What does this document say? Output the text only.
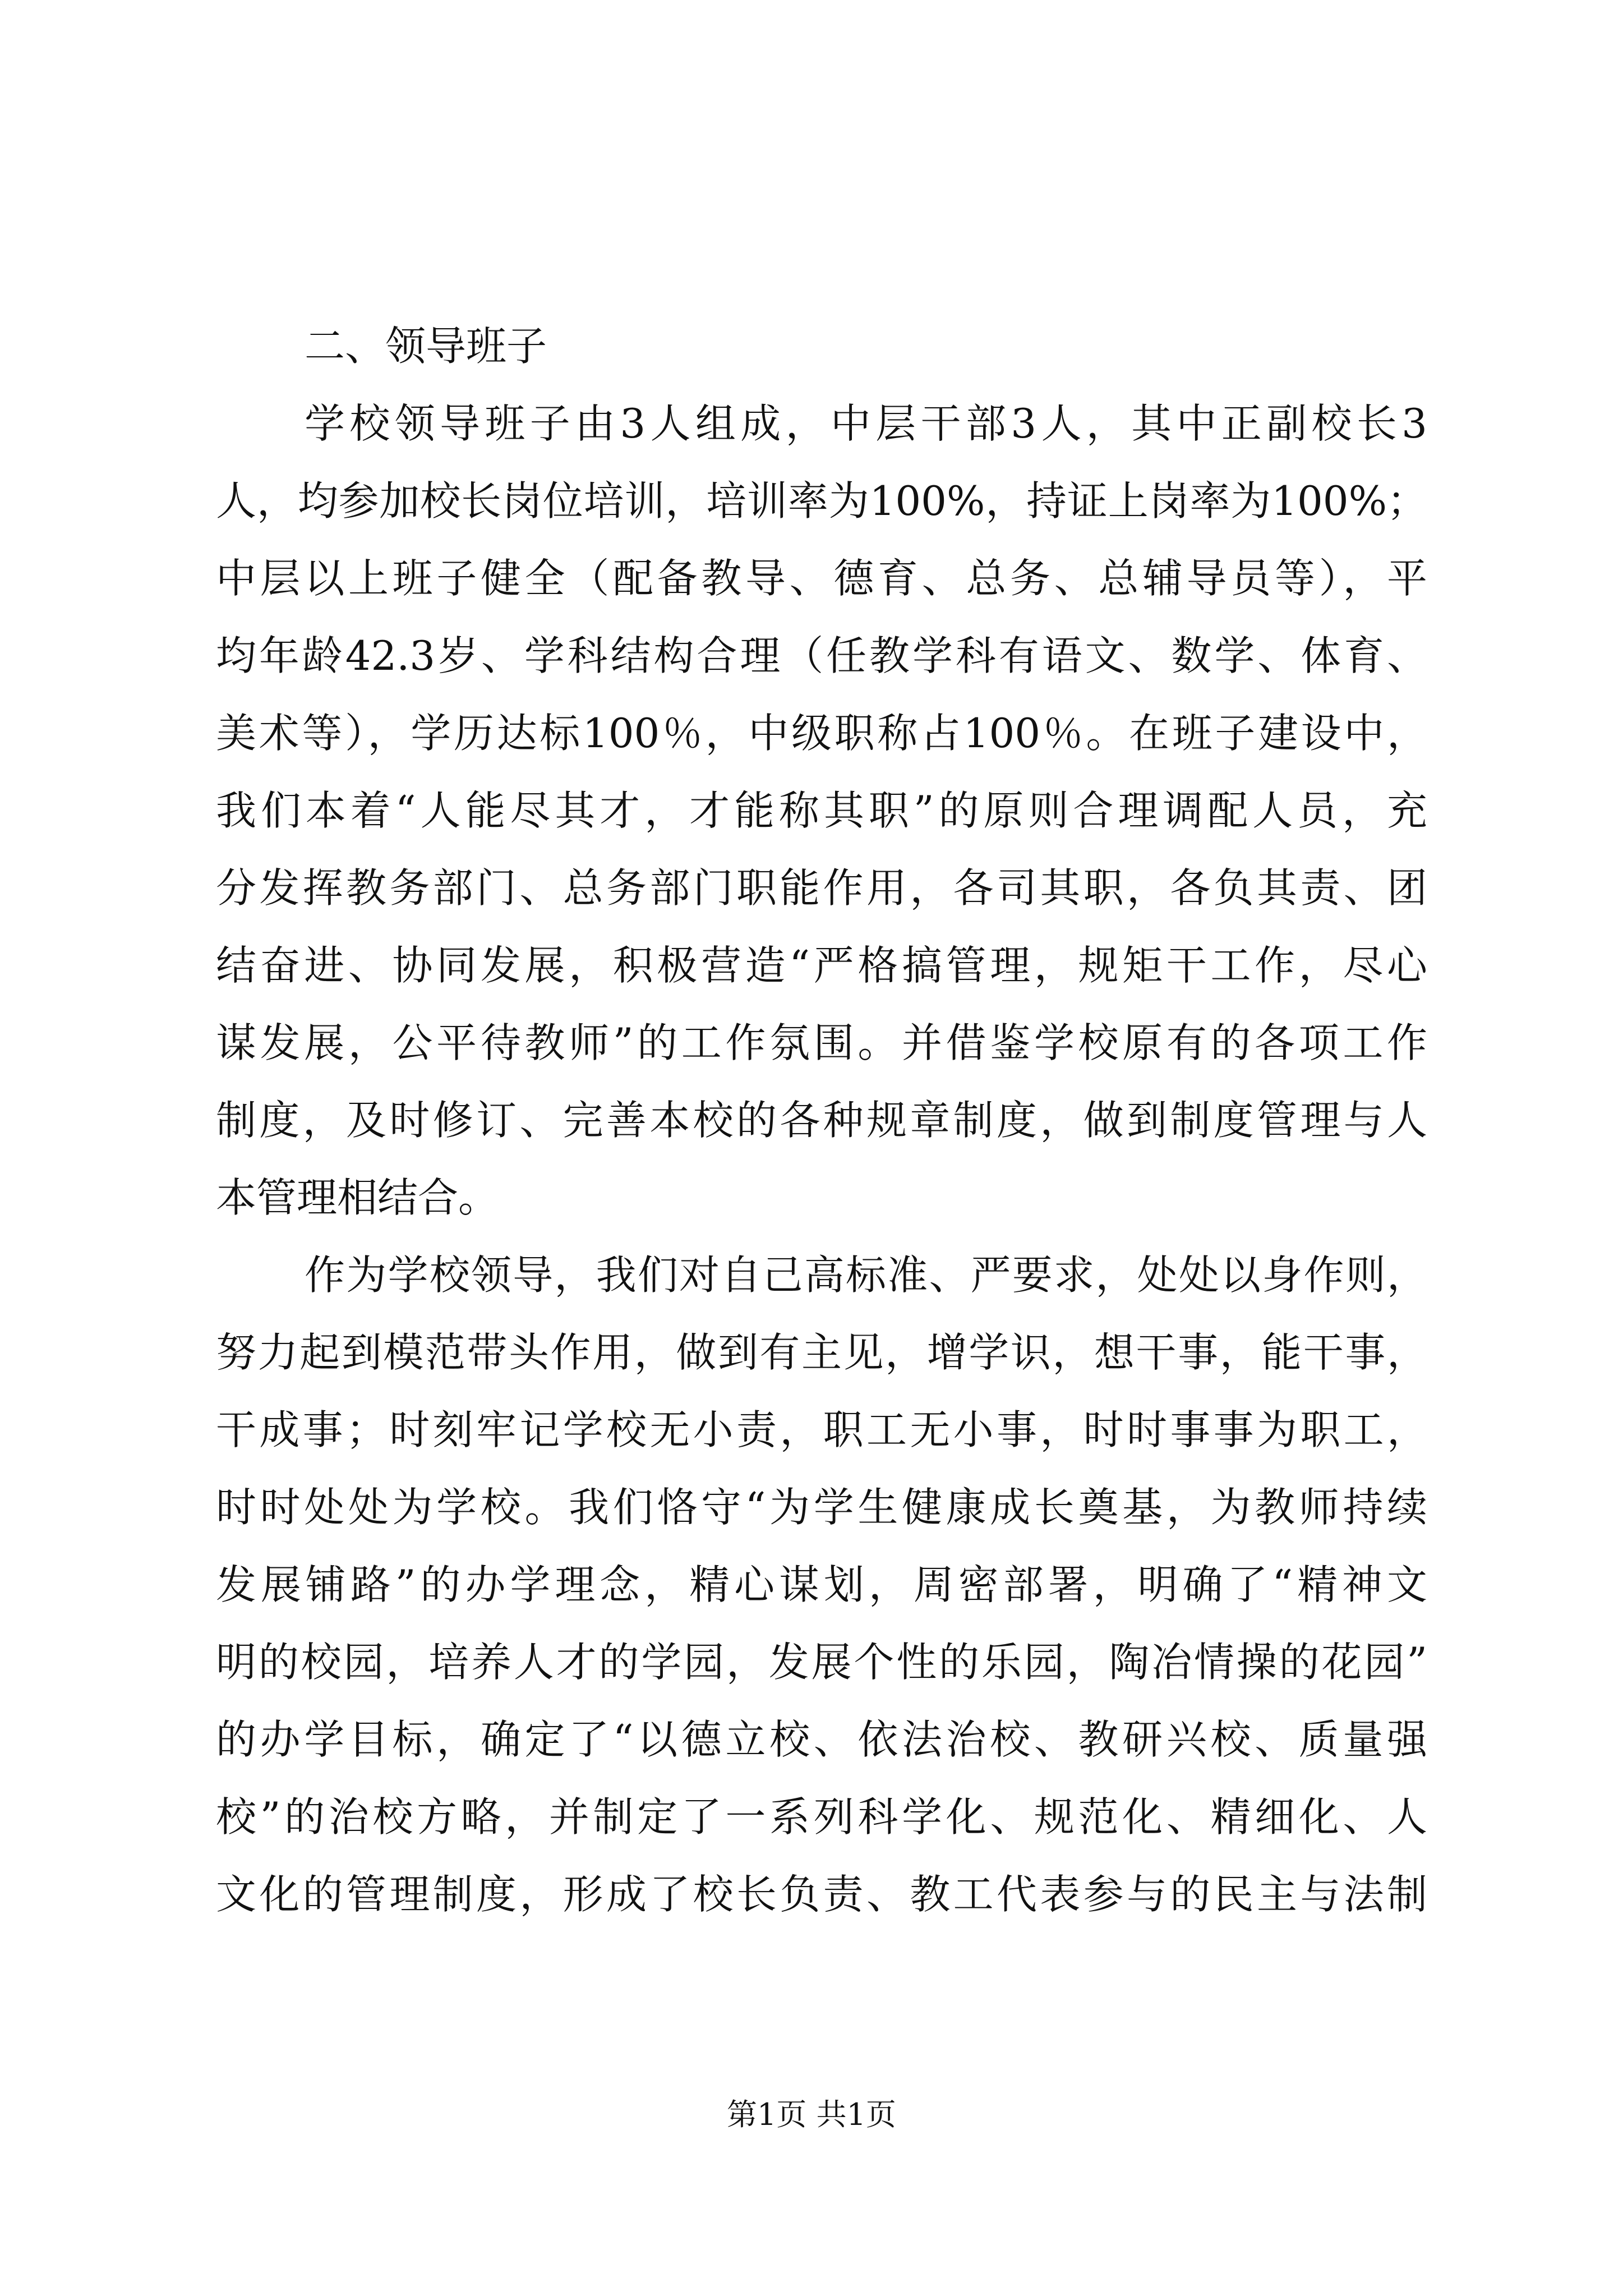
二、领导班子

学校领导班子由3人组成，中层干部3人，其中正副校长3

人，均参加校长岗位培训，培训率为100%，持证上岗率为100%；

中层以上班子健全（配备教导、德育、总务、总辅导员等），平

均年龄42.3岁、学科结构合理（任教学科有语文、数学、体育、

美术等），学历达标100％，中级职称占100％。在班子建设中，

我们本着“人能尽其才，才能称其职”的原则合理调配人员，充

分发挥教务部门、总务部门职能作用，各司其职，各负其责、团

结奋进、协同发展，积极营造“严格搞管理，规矩干工作，尽心

谋发展，公平待教师”的工作氛围。并借鉴学校原有的各项工作

制度，及时修订、完善本校的各种规章制度，做到制度管理与人

本管理相结合。

作为学校领导，我们对自己高标准、严要求，处处以身作则，

努力起到模范带头作用，做到有主见，增学识，想干事，能干事，

干成事；时刻牢记学校无小责，职工无小事，时时事事为职工，

时时处处为学校。我们恪守“为学生健康成长奠基，为教师持续

发展铺路”的办学理念，精心谋划，周密部署，明确了“精神文

明的校园，培养人才的学园，发展个性的乐园，陶冶情操的花园”

的办学目标，确定了“以德立校、依法治校、教研兴校、质量强

校”的治校方略，并制定了一系列科学化、规范化、精细化、人

文化的管理制度，形成了校长负责、教工代表参与的民主与法制

第1页 共1页
